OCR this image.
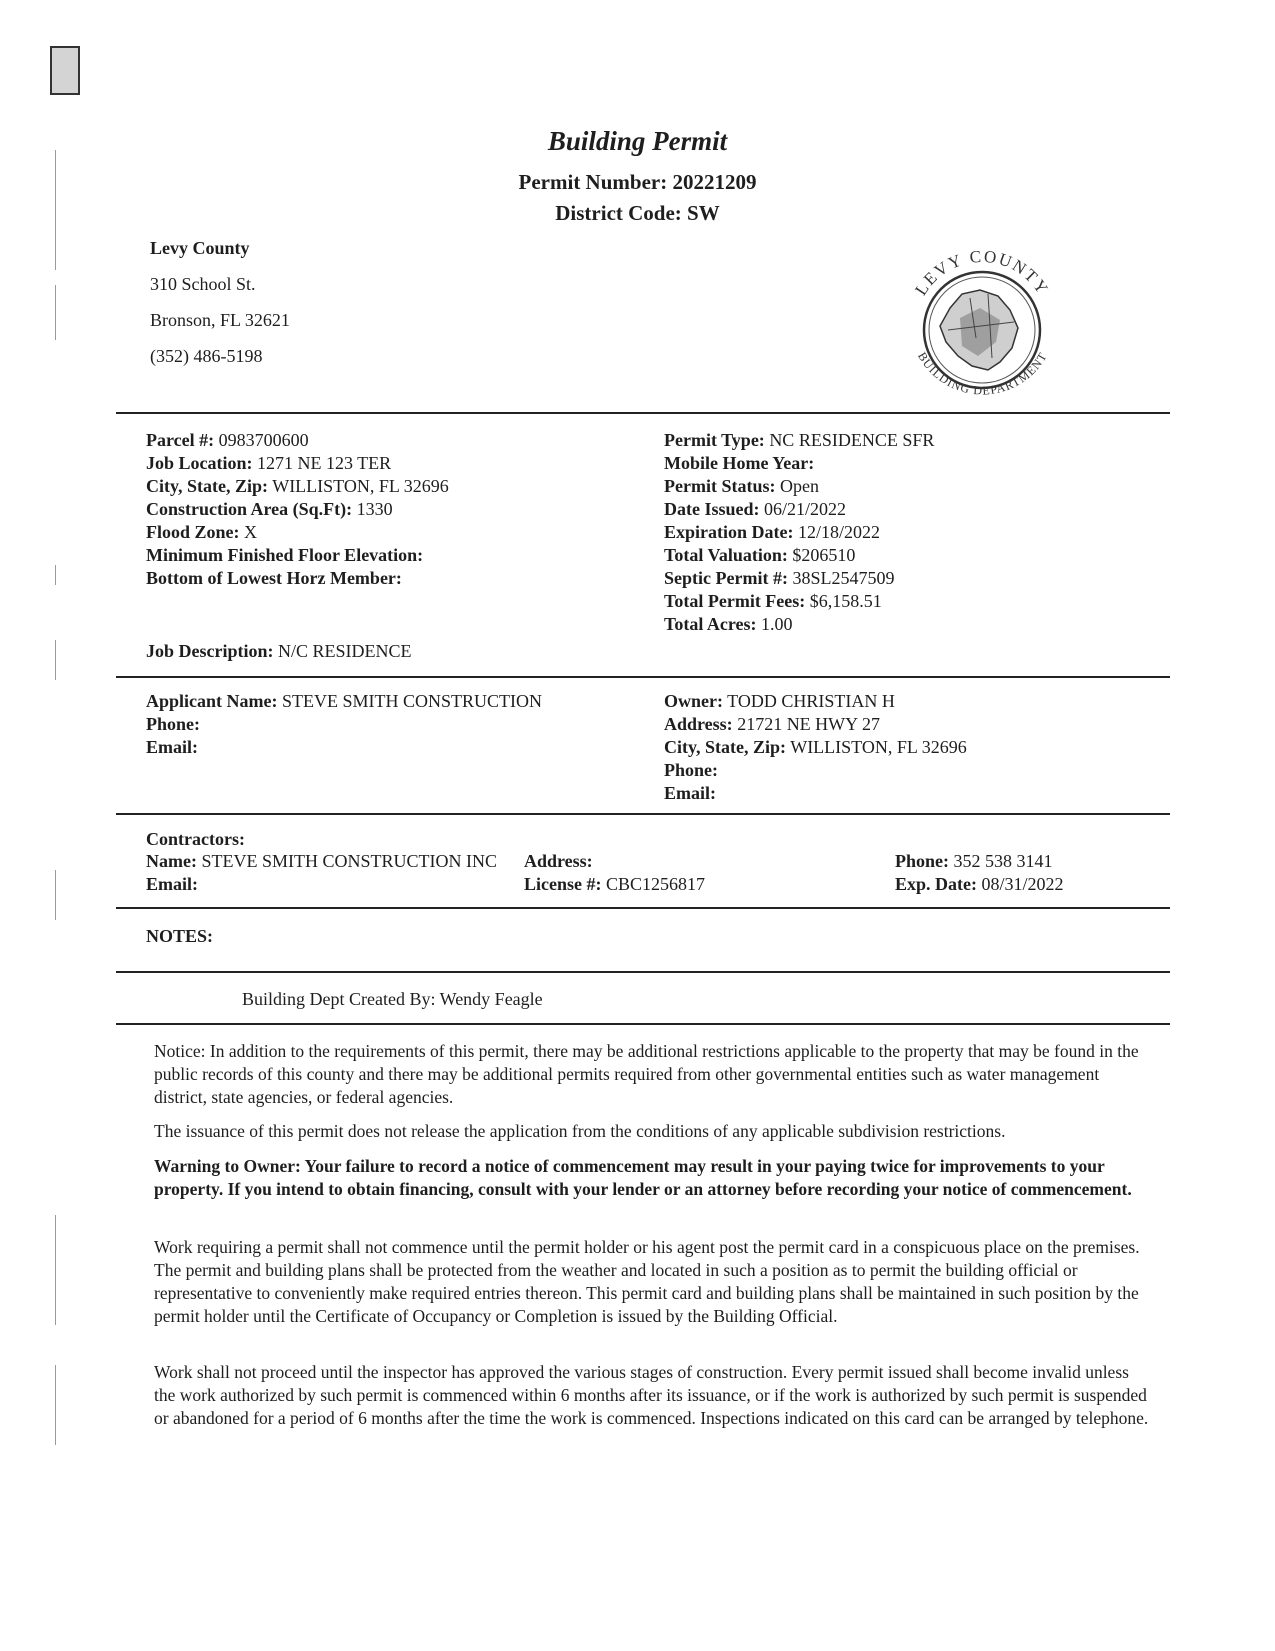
Building Permit
Permit Number: 20221209
District Code: SW
Levy County
310 School St.
Bronson, FL 32621
(352) 486-5198
LEVY COUNTY
BUILDING DEPARTMENT
Parcel #: 0983700600
Job Location: 1271 NE 123 TER
City, State, Zip: WILLISTON, FL 32696
Construction Area (Sq.Ft): 1330
Flood Zone: X
Minimum Finished Floor Elevation:
Bottom of Lowest Horz Member:
Permit Type: NC RESIDENCE SFR
Mobile Home Year:
Permit Status: Open
Date Issued: 06/21/2022
Expiration Date: 12/18/2022
Total Valuation: $206510
Septic Permit #: 38SL2547509
Total Permit Fees: $6,158.51
Total Acres: 1.00
Job Description: N/C RESIDENCE
Applicant Name: STEVE SMITH CONSTRUCTION
Phone:
Email:
Owner: TODD CHRISTIAN H
Address: 21721 NE HWY 27
City, State, Zip: WILLISTON, FL 32696
Phone:
Email:
Contractors:
Name: STEVE SMITH CONSTRUCTION INC
Email:
Address:
License #: CBC1256817
Phone: 352 538 3141
Exp. Date: 08/31/2022
NOTES:
Building Dept Created By: Wendy Feagle

Notice: In addition to the requirements of this permit, there may be additional restrictions applicable to the property that may be found in the public records of this county and there may be additional permits required from other governmental entities such as water management district, state agencies, or federal agencies.

The issuance of this permit does not release the application from the conditions of any applicable subdivision restrictions.

Warning to Owner: Your failure to record a notice of commencement may result in your paying twice for improvements to your property. If you intend to obtain financing, consult with your lender or an attorney before recording your notice of commencement.

Work requiring a permit shall not commence until the permit holder or his agent post the permit card in a conspicuous place on the premises. The permit and building plans shall be protected from the weather and located in such a position as to permit the building official or representative to conveniently make required entries thereon. This permit card and building plans shall be maintained in such position by the permit holder until the Certificate of Occupancy or Completion is issued by the Building Official.

Work shall not proceed until the inspector has approved the various stages of construction. Every permit issued shall become invalid unless the work authorized by such permit is commenced within 6 months after its issuance, or if the work is authorized by such permit is suspended or abandoned for a period of 6 months after the time the work is commenced. Inspections indicated on this card can be arranged by telephone.
